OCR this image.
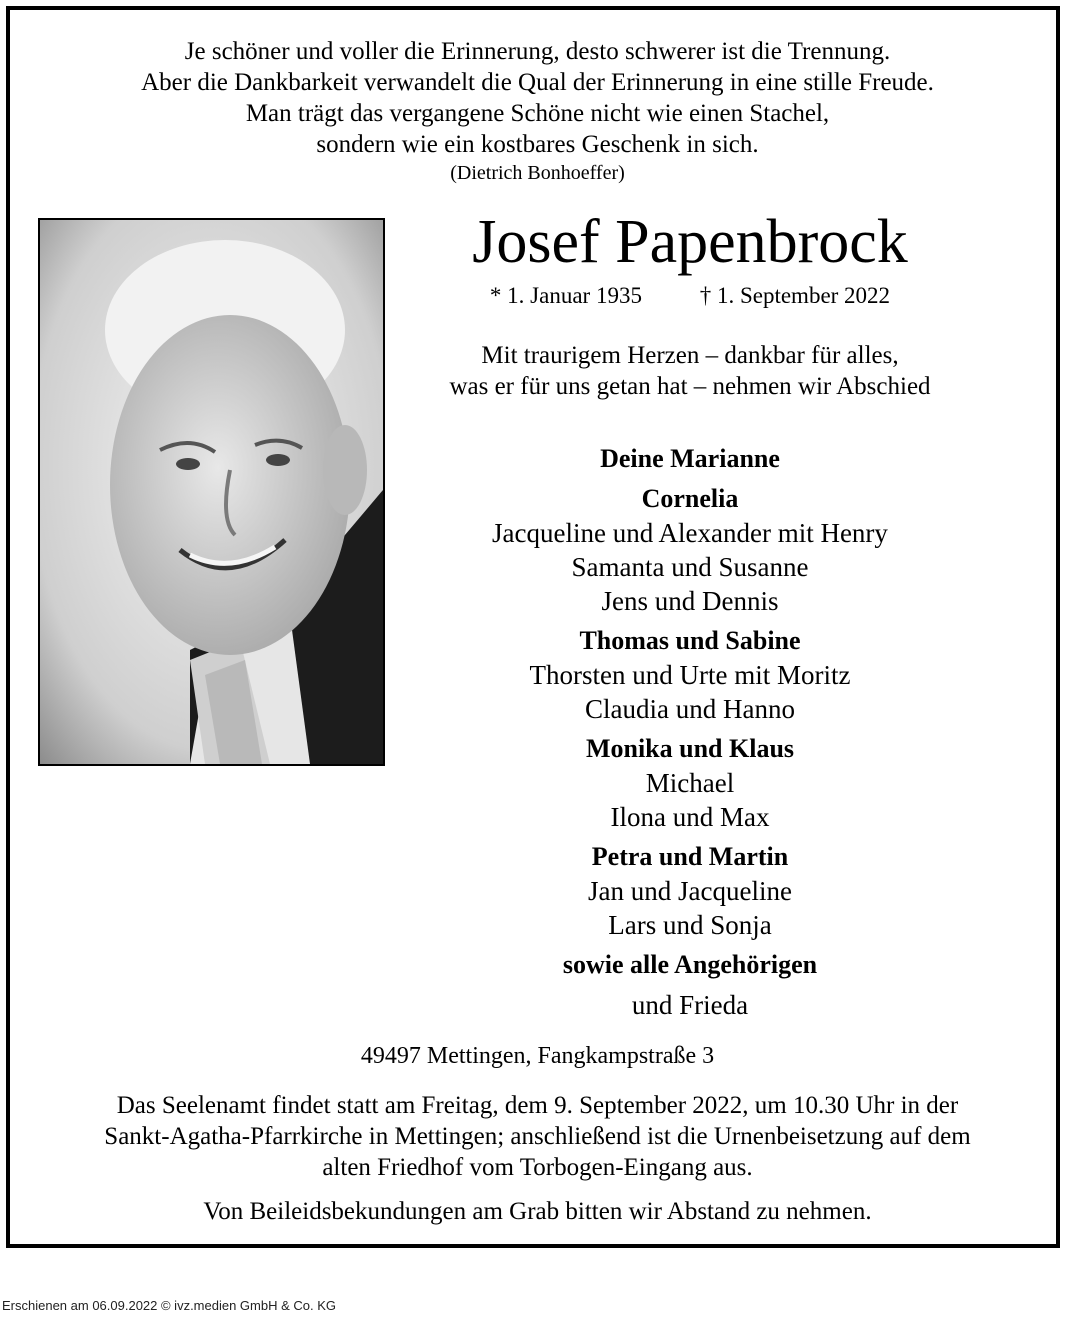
Je schöner und voller die Erinnerung, desto schwerer ist die Trennung.
Aber die Dankbarkeit verwandelt die Qual der Erinnerung in eine stille Freude.
Man trägt das vergangene Schöne nicht wie einen Stachel,
sondern wie ein kostbares Geschenk in sich.
(Dietrich Bonhoeffer)
Josef Papenbrock
* 1. Januar 1935	† 1. September 2022
Mit traurigem Herzen – dankbar für alles,
was er für uns getan hat – nehmen wir Abschied
Deine Marianne
Cornelia
Jacqueline und Alexander mit Henry
Samanta und Susanne
Jens und Dennis
Thomas und Sabine
Thorsten und Urte mit Moritz
Claudia und Hanno
Monika und Klaus
Michael
Ilona und Max
Petra und Martin
Jan und Jacqueline
Lars und Sonja
sowie alle Angehörigen
und Frieda
49497 Mettingen, Fangkampstraße 3
Das Seelenamt findet statt am Freitag, dem 9. September 2022, um 10.30 Uhr in der
Sankt-Agatha-Pfarrkirche in Mettingen; anschließend ist die Urnenbeisetzung auf dem
alten Friedhof vom Torbogen-Eingang aus.
Von Beileidsbekundungen am Grab bitten wir Abstand zu nehmen.
Erschienen am 06.09.2022 © ivz.medien GmbH & Co. KG
